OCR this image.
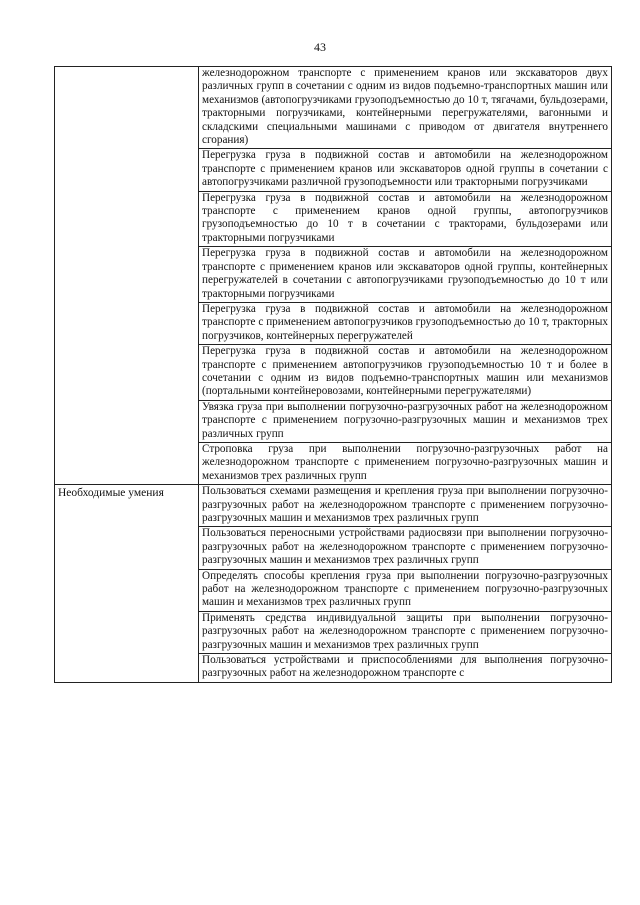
43
	железнодорожном транспорте с применением кранов или экскаваторов двух различных групп в сочетании с одним из видов подъемно-транспортных машин или механизмов (автопогрузчиками грузоподъемностью до 10 т, тягачами, бульдозерами, тракторными погрузчиками, контейнерными перегружателями, вагонными и складскими специальными машинами с приводом от двигателя внутреннего сгорания)
	Перегрузка груза в подвижной состав и автомобили на железнодорожном транспорте с применением кранов или экскаваторов одной группы в сочетании с автопогрузчиками различной грузоподъемности или тракторными погрузчиками
	Перегрузка груза в подвижной состав и автомобили на железнодорожном транспорте с применением кранов одной группы, автопогрузчиков грузоподъемностью до 10 т в сочетании с тракторами, бульдозерами или тракторными погрузчиками
	Перегрузка груза в подвижной состав и автомобили на железнодорожном транспорте с применением кранов или экскаваторов одной группы, контейнерных перегружателей в сочетании с автопогрузчиками грузоподъемностью до 10 т или тракторными погрузчиками
	Перегрузка груза в подвижной состав и автомобили на железнодорожном транспорте с применением автопогрузчиков грузоподъемностью до 10 т, тракторных погрузчиков, контейнерных перегружателей
	Перегрузка груза в подвижной состав и автомобили на железнодорожном транспорте с применением автопогрузчиков грузоподъемностью 10 т и более в сочетании с одним из видов подъемно-транспортных машин или механизмов (портальными контейнеровозами, контейнерными перегружателями)
	Увязка груза при выполнении погрузочно-разгрузочных работ на железнодорожном транспорте с применением погрузочно-разгрузочных машин и механизмов трех различных групп
	Строповка груза при выполнении погрузочно-разгрузочных работ на железнодорожном транспорте с применением погрузочно-разгрузочных машин и механизмов трех различных групп
Необходимые умения	Пользоваться схемами размещения и крепления груза при выполнении погрузочно-разгрузочных работ на железнодорожном транспорте с применением погрузочно-разгрузочных машин и механизмов трех различных групп
	Пользоваться переносными устройствами радиосвязи при выполнении погрузочно-разгрузочных работ на железнодорожном транспорте с применением погрузочно-разгрузочных машин и механизмов трех различных групп
	Определять способы крепления груза при выполнении погрузочно-разгрузочных работ на железнодорожном транспорте с применением погрузочно-разгрузочных машин и механизмов трех различных групп
	Применять средства индивидуальной защиты при выполнении погрузочно-разгрузочных работ на железнодорожном транспорте с применением погрузочно-разгрузочных машин и механизмов трех различных групп
	Пользоваться устройствами и приспособлениями для выполнения погрузочно-разгрузочных работ на железнодорожном транспорте с
